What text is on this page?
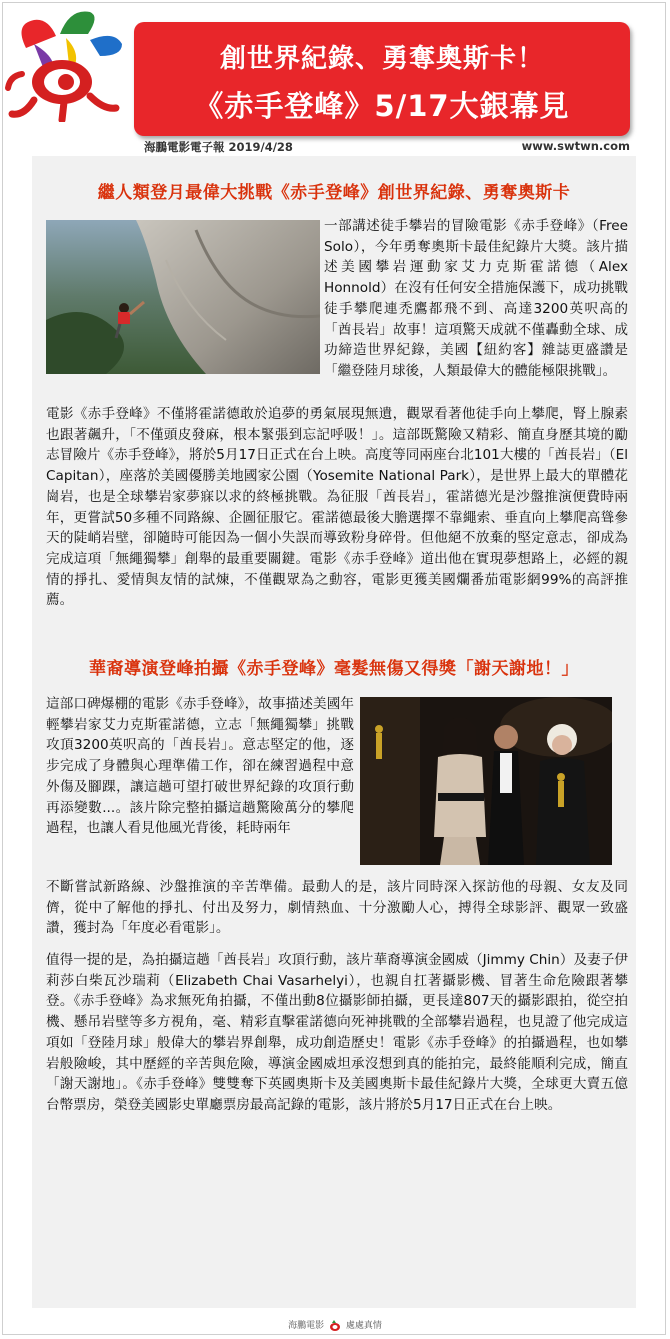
創世界紀錄、勇奪奧斯卡！
《赤手登峰》5/17大銀幕見
海鵬電影電子報 2019/4/28	www.swtwn.com
繼人類登月最偉大挑戰《赤手登峰》創世界紀錄、勇奪奧斯卡

一部講述徒手攀岩的冒險電影《赤手登峰》（Free Solo），今年勇奪奧斯卡最佳紀錄片大獎。該片描述美國攀岩運動家艾力克斯霍諾德（Alex Honnold）在沒有任何安全措施保護下，成功挑戰徒手攀爬連禿鷹都飛不到、高達3200英呎高的「酋長岩」故事！這項驚天成就不僅轟動全球、成功締造世界紀錄，美國【紐約客】雜誌更盛讚是「繼登陸月球後，人類最偉大的體能極限挑戰」。

電影《赤手登峰》不僅將霍諾德敢於追夢的勇氣展現無遺，觀眾看著他徒手向上攀爬，腎上腺素也跟著飆升，「不僅頭皮發麻，根本緊張到忘記呼吸！」。這部既驚險又精彩、簡直身歷其境的勵志冒險片《赤手登峰》，將於5月17日正式在台上映。高度等同兩座台北101大樓的「酋長岩」（El Capitan），座落於美國優勝美地國家公園（Yosemite National Park），是世界上最大的單體花崗岩，也是全球攀岩家夢寐以求的終極挑戰。為征服「酋長岩」，霍諾德光是沙盤推演便費時兩年，更嘗試50多種不同路線、企圖征服它。霍諾德最後大膽選擇不靠繩索、垂直向上攀爬高聳參天的陡峭岩壁，卻隨時可能因為一個小失誤而導致粉身碎骨。但他絕不放棄的堅定意志，卻成為完成這項「無繩獨攀」創舉的最重要關鍵。電影《赤手登峰》道出他在實現夢想路上，必經的親情的掙扎、愛情與友情的試煉，不僅觀眾為之動容，電影更獲美國爛番茄電影網99%的高評推薦。

華裔導演登峰拍攝《赤手登峰》毫髮無傷又得獎「謝天謝地！」

這部口碑爆棚的電影《赤手登峰》，故事描述美國年輕攀岩家艾力克斯霍諾德，立志「無繩獨攀」挑戰攻頂3200英呎高的「酋長岩」。意志堅定的他，逐步完成了身體與心理準備工作，卻在練習過程中意外傷及腳踝，讓這趟可望打破世界紀錄的攻頂行動再添變數...。該片除完整拍攝這趟驚險萬分的攀爬過程，也讓人看見他風光背後，耗時兩年

不斷嘗試新路線、沙盤推演的辛苦準備。最動人的是，該片同時深入探訪他的母親、女友及同儕，從中了解他的掙扎、付出及努力，劇情熱血、十分激勵人心，搏得全球影評、觀眾一致盛讚，獲封為「年度必看電影」。

值得一提的是，為拍攝這趟「酋長岩」攻頂行動，該片華裔導演金國威（Jimmy Chin）及妻子伊莉莎白柴瓦沙瑞莉（Elizabeth Chai Vasarhelyi），也親自扛著攝影機、冒著生命危險跟著攀登。《赤手登峰》為求無死角拍攝，不僅出動8位攝影師拍攝，更長達807天的攝影跟拍，從空拍機、懸吊岩壁等多方視角，毫、精彩直擊霍諾德向死神挑戰的全部攀岩過程，也見證了他完成這項如「登陸月球」般偉大的攀岩界創舉，成功創造歷史！電影《赤手登峰》的拍攝過程，也如攀岩般險峻，其中歷經的辛苦與危險，導演金國威坦承沒想到真的能拍完，最終能順利完成，簡直「謝天謝地」。《赤手登峰》雙雙奪下英國奧斯卡及美國奧斯卡最佳紀錄片大獎，全球更大賣五億台幣票房，榮登美國影史單廳票房最高記錄的電影，該片將於5月17日正式在台上映。

海鵬電影 處處真情
